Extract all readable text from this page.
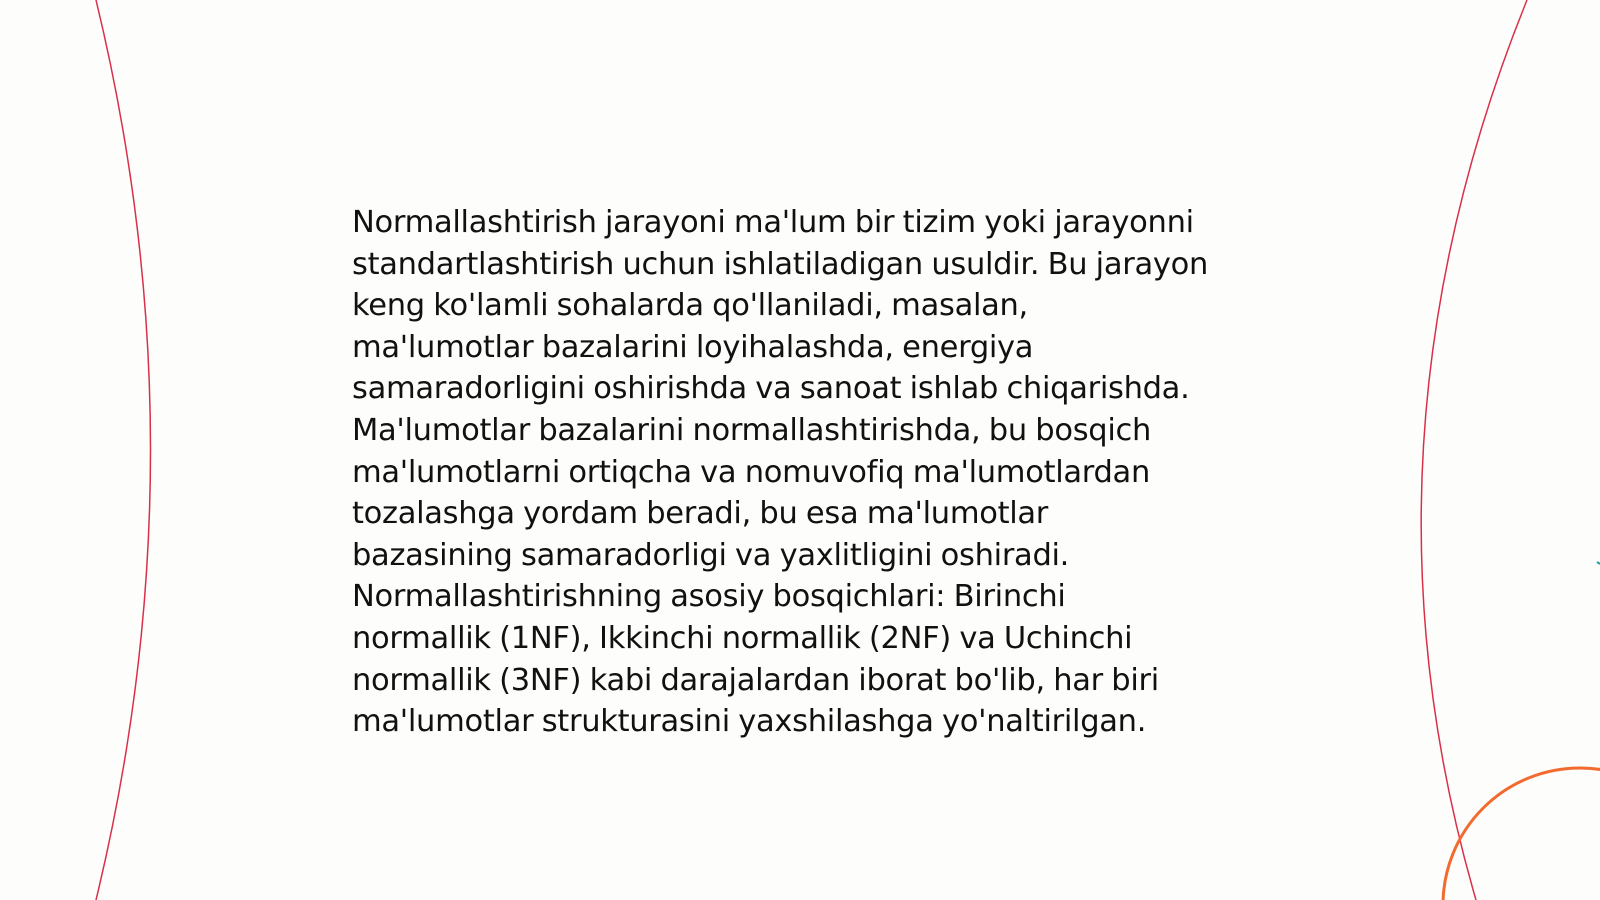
Normallashtirish jarayoni ma'lum bir tizim yoki jarayonni standartlashtirish uchun ishlatiladigan usuldir. Bu jarayon keng ko'lamli sohalarda qo'llaniladi, masalan, ma'lumotlar bazalarini loyihalashda, energiya samaradorligini oshirishda va sanoat ishlab chiqarishda. Ma'lumotlar bazalarini normallashtirishda, bu bosqich ma'lumotlarni ortiqcha va nomuvofiq ma'lumotlardan tozalashga yordam beradi, bu esa ma'lumotlar bazasining samaradorligi va yaxlitligini oshiradi. Normallashtirishning asosiy bosqichlari: Birinchi normallik (1NF), Ikkinchi normallik (2NF) va Uchinchi normallik (3NF) kabi darajalardan iborat bo'lib, har biri ma'lumotlar strukturasini yaxshilashga yo'naltirilgan.
